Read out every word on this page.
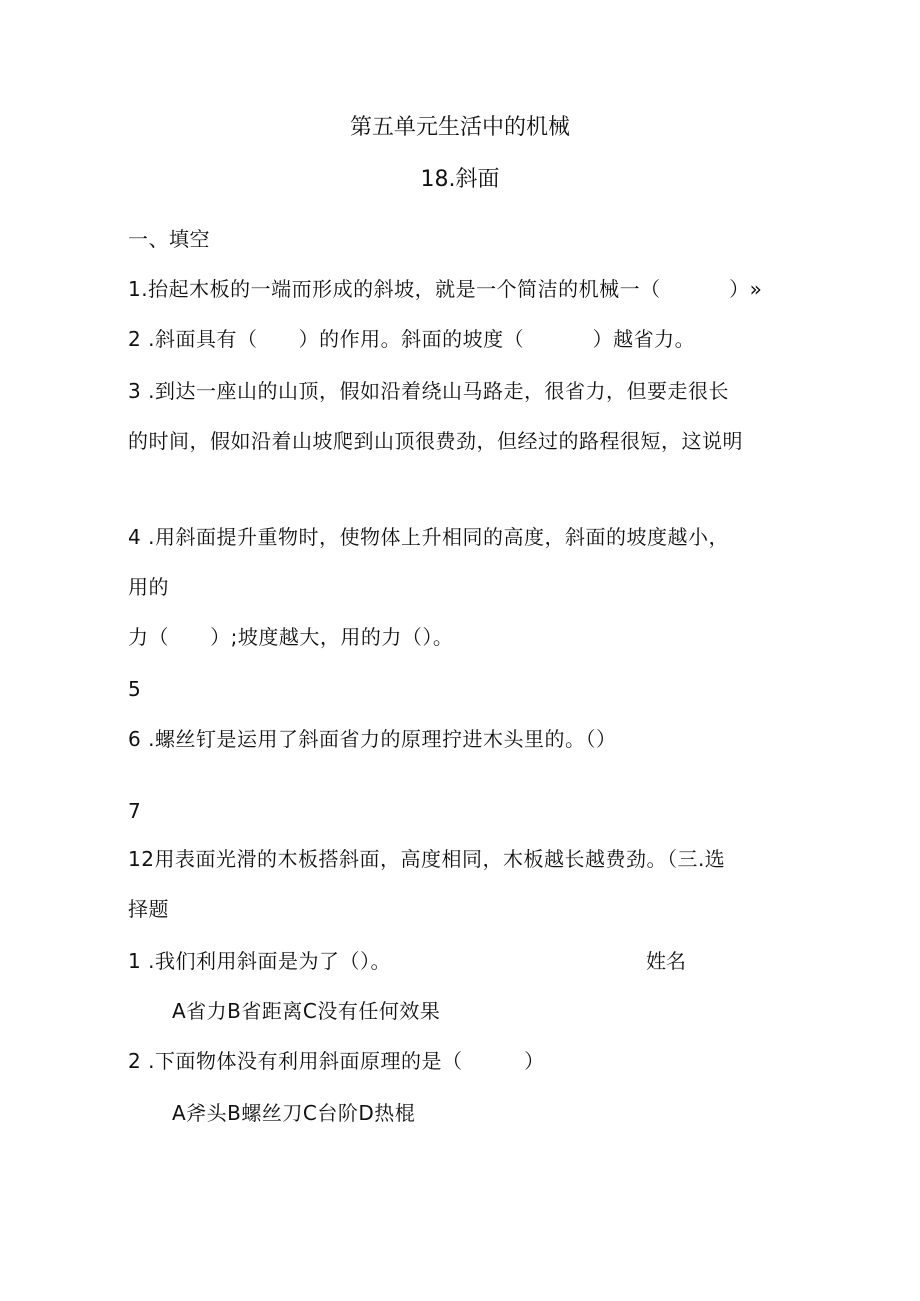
第五单元生活中的机械
18.斜面
一、填空
1.抬起木板的一端而形成的斜坡，就是一个简洁的机械一（          ）»
2 .斜面具有（      ）的作用。斜面的坡度（          ）越省力。
3 .到达一座山的山顶，假如沿着绕山马路走，很省力，但要走很长
的时间，假如沿着山坡爬到山顶很费劲，但经过的路程很短，这说明
4 .用斜面提升重物时，使物体上升相同的高度，斜面的坡度越小，
用的
力（      ）;坡度越大，用的力（）。
5
6 .螺丝钉是运用了斜面省力的原理拧进木头里的。（）
7
12用表面光滑的木板搭斜面，高度相同，木板越长越费劲。（三.选
择题
1 .我们利用斜面是为了（）。	姓名
A省力B省距离C没有任何效果
2 .下面物体没有利用斜面原理的是（         ）
A斧头B螺丝刀C台阶D热棍
